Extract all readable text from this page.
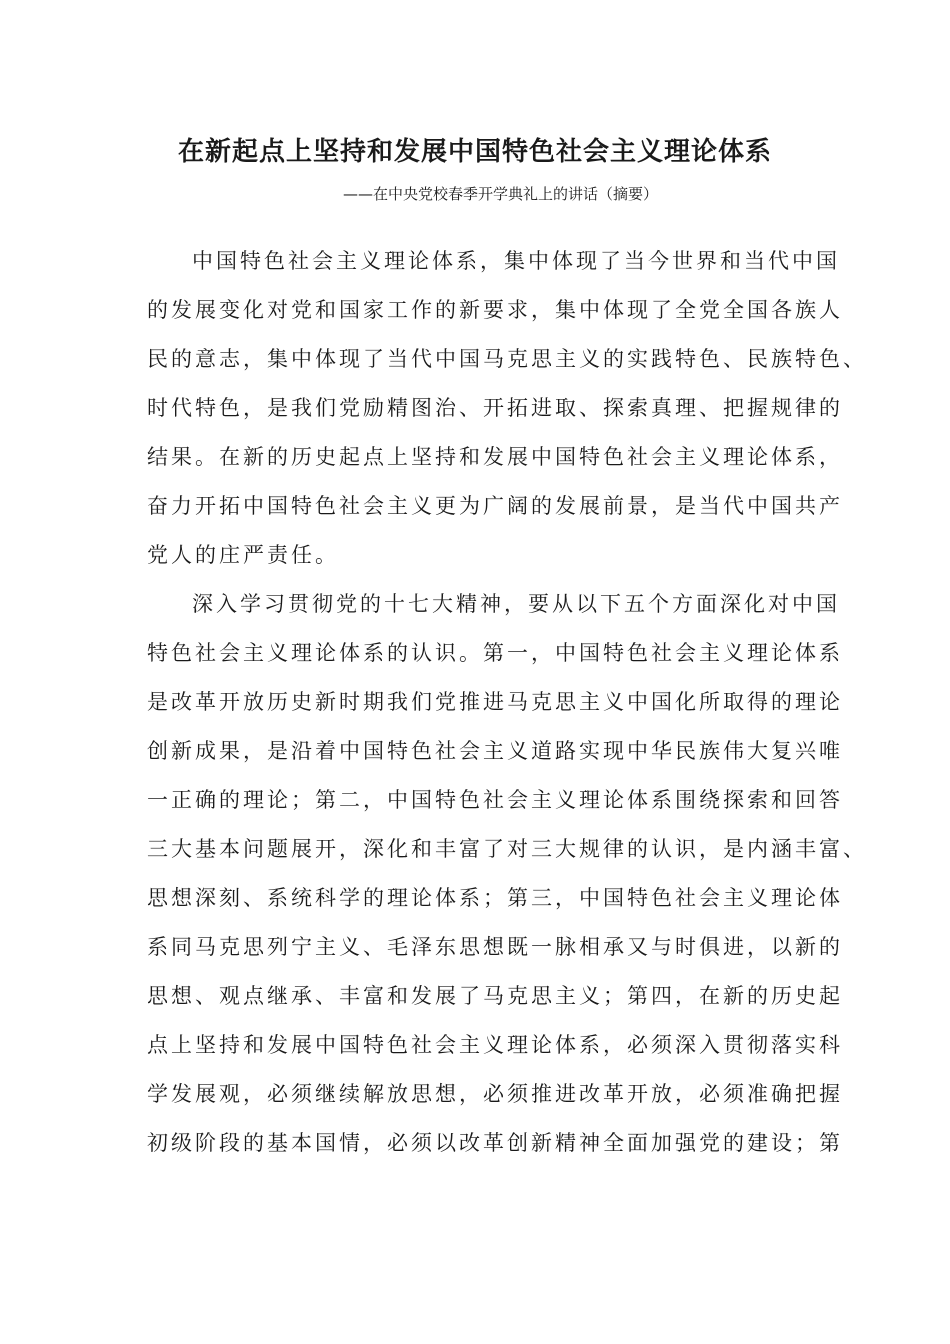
在新起点上坚持和发展中国特色社会主义理论体系

——在中央党校春季开学典礼上的讲话（摘要）

中国特色社会主义理论体系，集中体现了当今世界和当代中国

的发展变化对党和国家工作的新要求，集中体现了全党全国各族人

民的意志，集中体现了当代中国马克思主义的实践特色、民族特色、

时代特色，是我们党励精图治、开拓进取、探索真理、把握规律的

结果。在新的历史起点上坚持和发展中国特色社会主义理论体系，

奋力开拓中国特色社会主义更为广阔的发展前景，是当代中国共产

党人的庄严责任。

深入学习贯彻党的十七大精神，要从以下五个方面深化对中国

特色社会主义理论体系的认识。第一，中国特色社会主义理论体系

是改革开放历史新时期我们党推进马克思主义中国化所取得的理论

创新成果，是沿着中国特色社会主义道路实现中华民族伟大复兴唯

一正确的理论；第二，中国特色社会主义理论体系围绕探索和回答

三大基本问题展开，深化和丰富了对三大规律的认识，是内涵丰富、

思想深刻、系统科学的理论体系；第三，中国特色社会主义理论体

系同马克思列宁主义、毛泽东思想既一脉相承又与时俱进，以新的

思想、观点继承、丰富和发展了马克思主义；第四，在新的历史起

点上坚持和发展中国特色社会主义理论体系，必须深入贯彻落实科

学发展观，必须继续解放思想，必须推进改革开放，必须准确把握

初级阶段的基本国情，必须以改革创新精神全面加强党的建设；第
